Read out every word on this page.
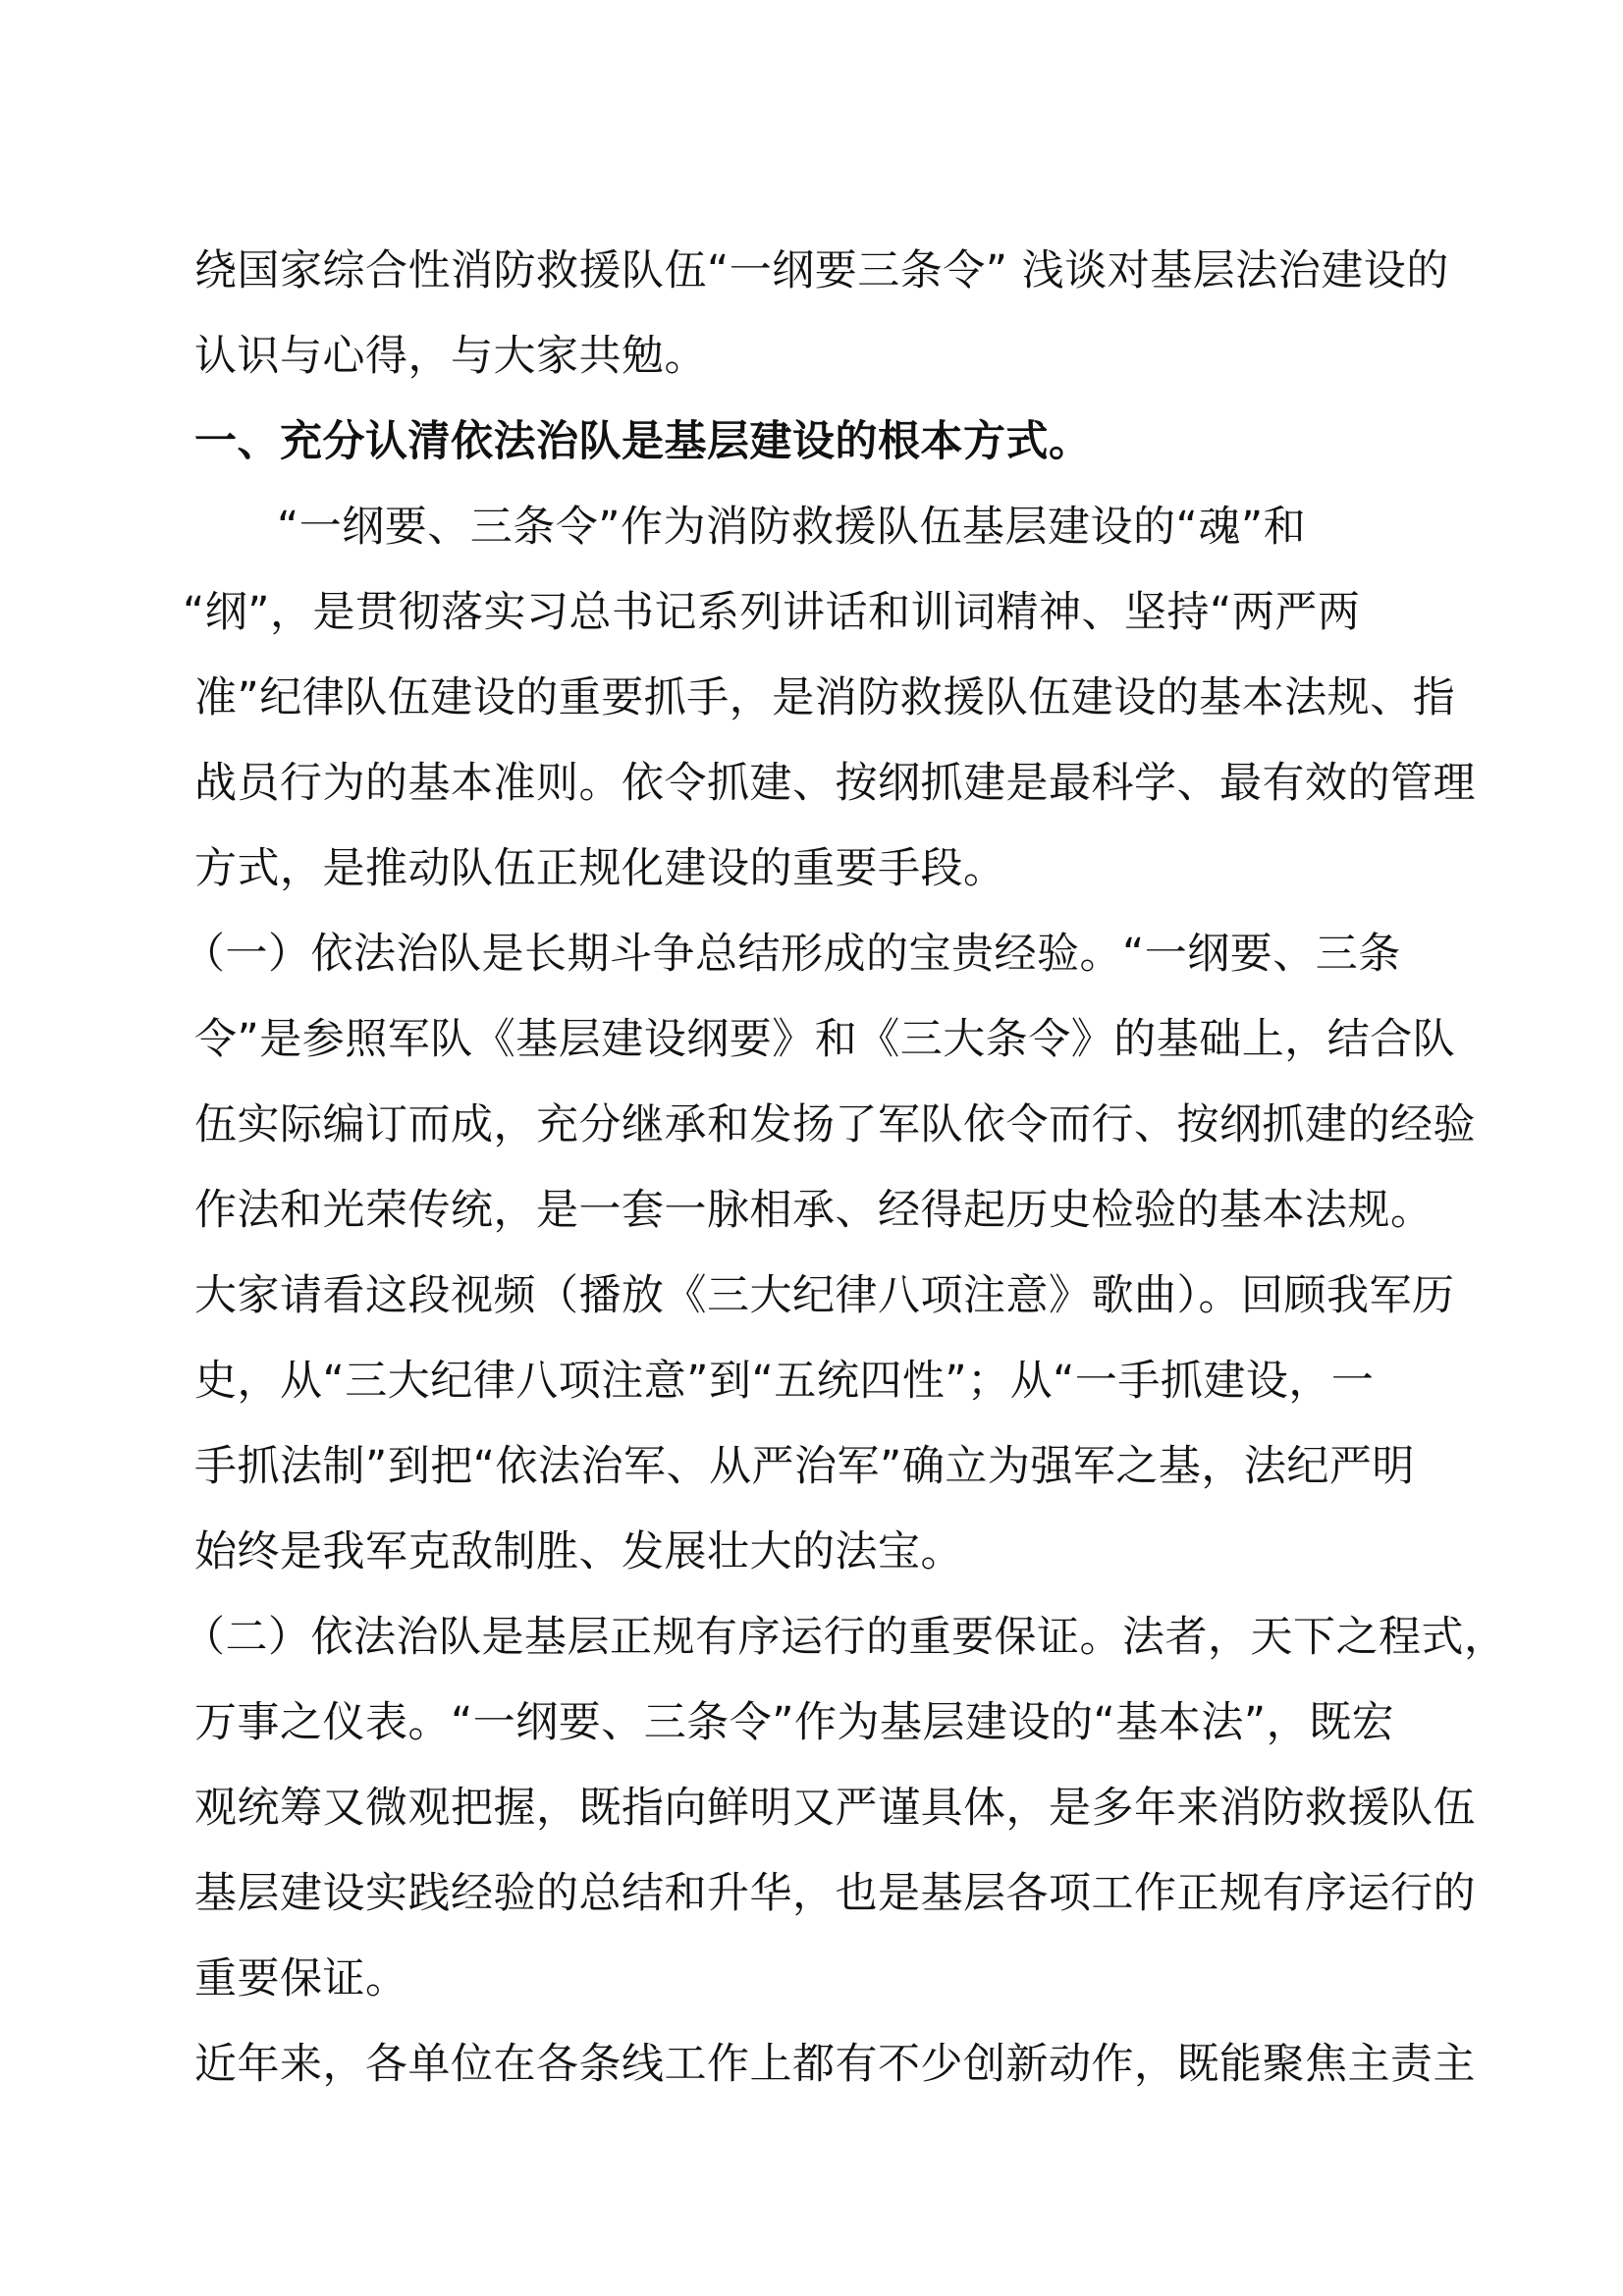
绕国家综合性消防救援队伍“一纲要三条令” 浅谈对基层法治建设的
认识与心得，与大家共勉。
一、充分认清依法治队是基层建设的根本方式。
“一纲要、三条令”作为消防救援队伍基层建设的“魂”和
“纲”，是贯彻落实习总书记系列讲话和训词精神、坚持“两严两
准”纪律队伍建设的重要抓手，是消防救援队伍建设的基本法规、指
战员行为的基本准则。依令抓建、按纲抓建是最科学、最有效的管理
方式，是推动队伍正规化建设的重要手段。
（一）依法治队是长期斗争总结形成的宝贵经验。“一纲要、三条
令”是参照军队《基层建设纲要》和《三大条令》的基础上，结合队
伍实际编订而成，充分继承和发扬了军队依令而行、按纲抓建的经验
作法和光荣传统，是一套一脉相承、经得起历史检验的基本法规。
大家请看这段视频（播放《三大纪律八项注意》歌曲）。回顾我军历
史，从“三大纪律八项注意”到“五统四性”；从“一手抓建设，一
手抓法制”到把“依法治军、从严治军”确立为强军之基，法纪严明
始终是我军克敌制胜、发展壮大的法宝。
（二）依法治队是基层正规有序运行的重要保证。法者，天下之程式，
万事之仪表。“一纲要、三条令”作为基层建设的“基本法”，既宏
观统筹又微观把握，既指向鲜明又严谨具体，是多年来消防救援队伍
基层建设实践经验的总结和升华，也是基层各项工作正规有序运行的
重要保证。
近年来，各单位在各条线工作上都有不少创新动作，既能聚焦主责主
